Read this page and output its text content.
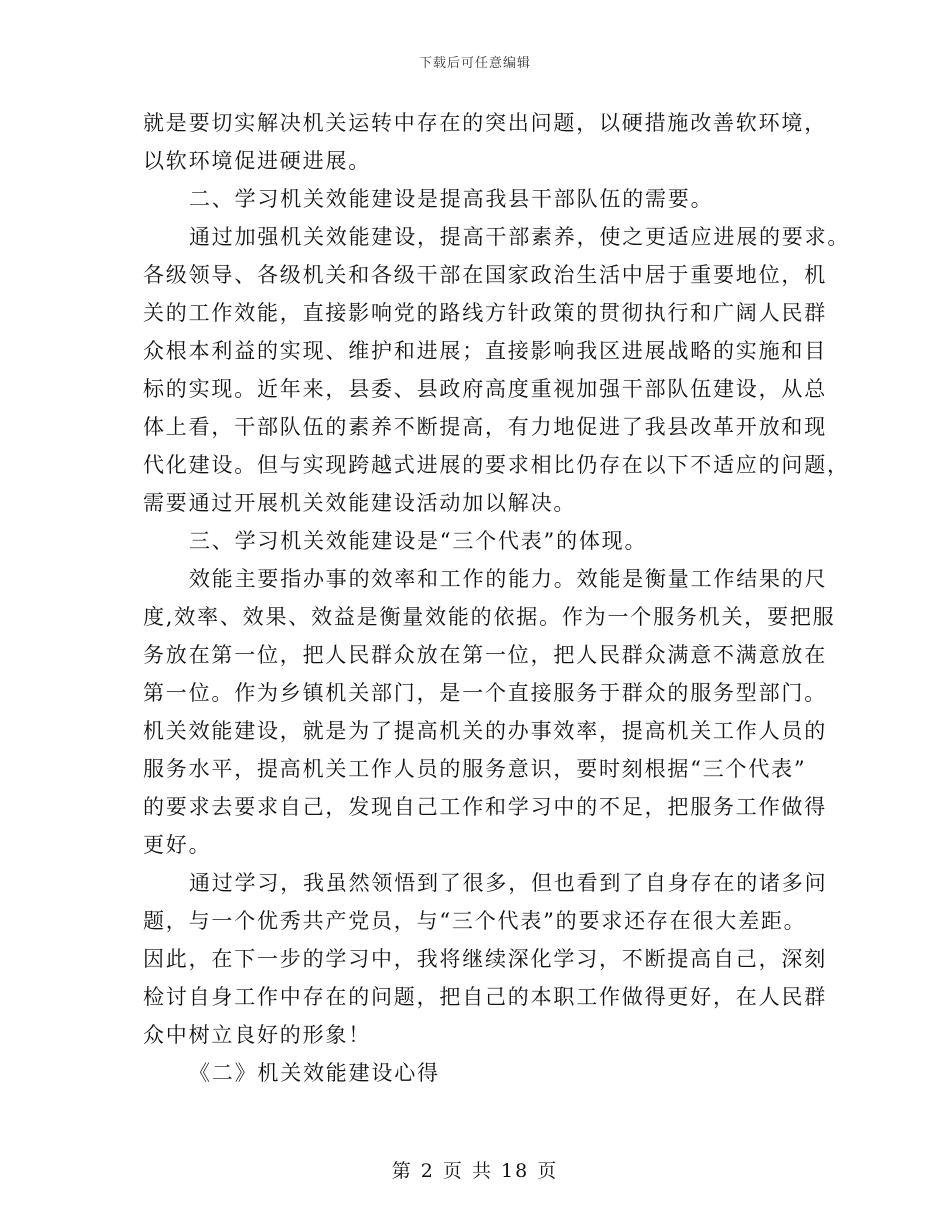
下载后可任意编辑
就是要切实解决机关运转中存在的突出问题，以硬措施改善软环境，
以软环境促进硬进展。
二、学习机关效能建设是提高我县干部队伍的需要。
通过加强机关效能建设，提高干部素养，使之更适应进展的要求。
各级领导、各级机关和各级干部在国家政治生活中居于重要地位，机
关的工作效能，直接影响党的路线方针政策的贯彻执行和广阔人民群
众根本利益的实现、维护和进展；直接影响我区进展战略的实施和目
标的实现。近年来，县委、县政府高度重视加强干部队伍建设，从总
体上看，干部队伍的素养不断提高，有力地促进了我县改革开放和现
代化建设。但与实现跨越式进展的要求相比仍存在以下不适应的问题，
需要通过开展机关效能建设活动加以解决。
三、学习机关效能建设是“三个代表”的体现。
效能主要指办事的效率和工作的能力。效能是衡量工作结果的尺
度,效率、效果、效益是衡量效能的依据。作为一个服务机关，要把服
务放在第一位，把人民群众放在第一位，把人民群众满意不满意放在
第一位。作为乡镇机关部门，是一个直接服务于群众的服务型部门。
机关效能建设，就是为了提高机关的办事效率，提高机关工作人员的
服务水平，提高机关工作人员的服务意识，要时刻根据“三个代表”
的要求去要求自己，发现自己工作和学习中的不足，把服务工作做得
更好。
通过学习，我虽然领悟到了很多，但也看到了自身存在的诸多问
题，与一个优秀共产党员，与“三个代表”的要求还存在很大差距。
因此，在下一步的学习中，我将继续深化学习，不断提高自己，深刻
检讨自身工作中存在的问题，把自己的本职工作做得更好，在人民群
众中树立良好的形象！
《二》机关效能建设心得
第 2 页 共 18 页
